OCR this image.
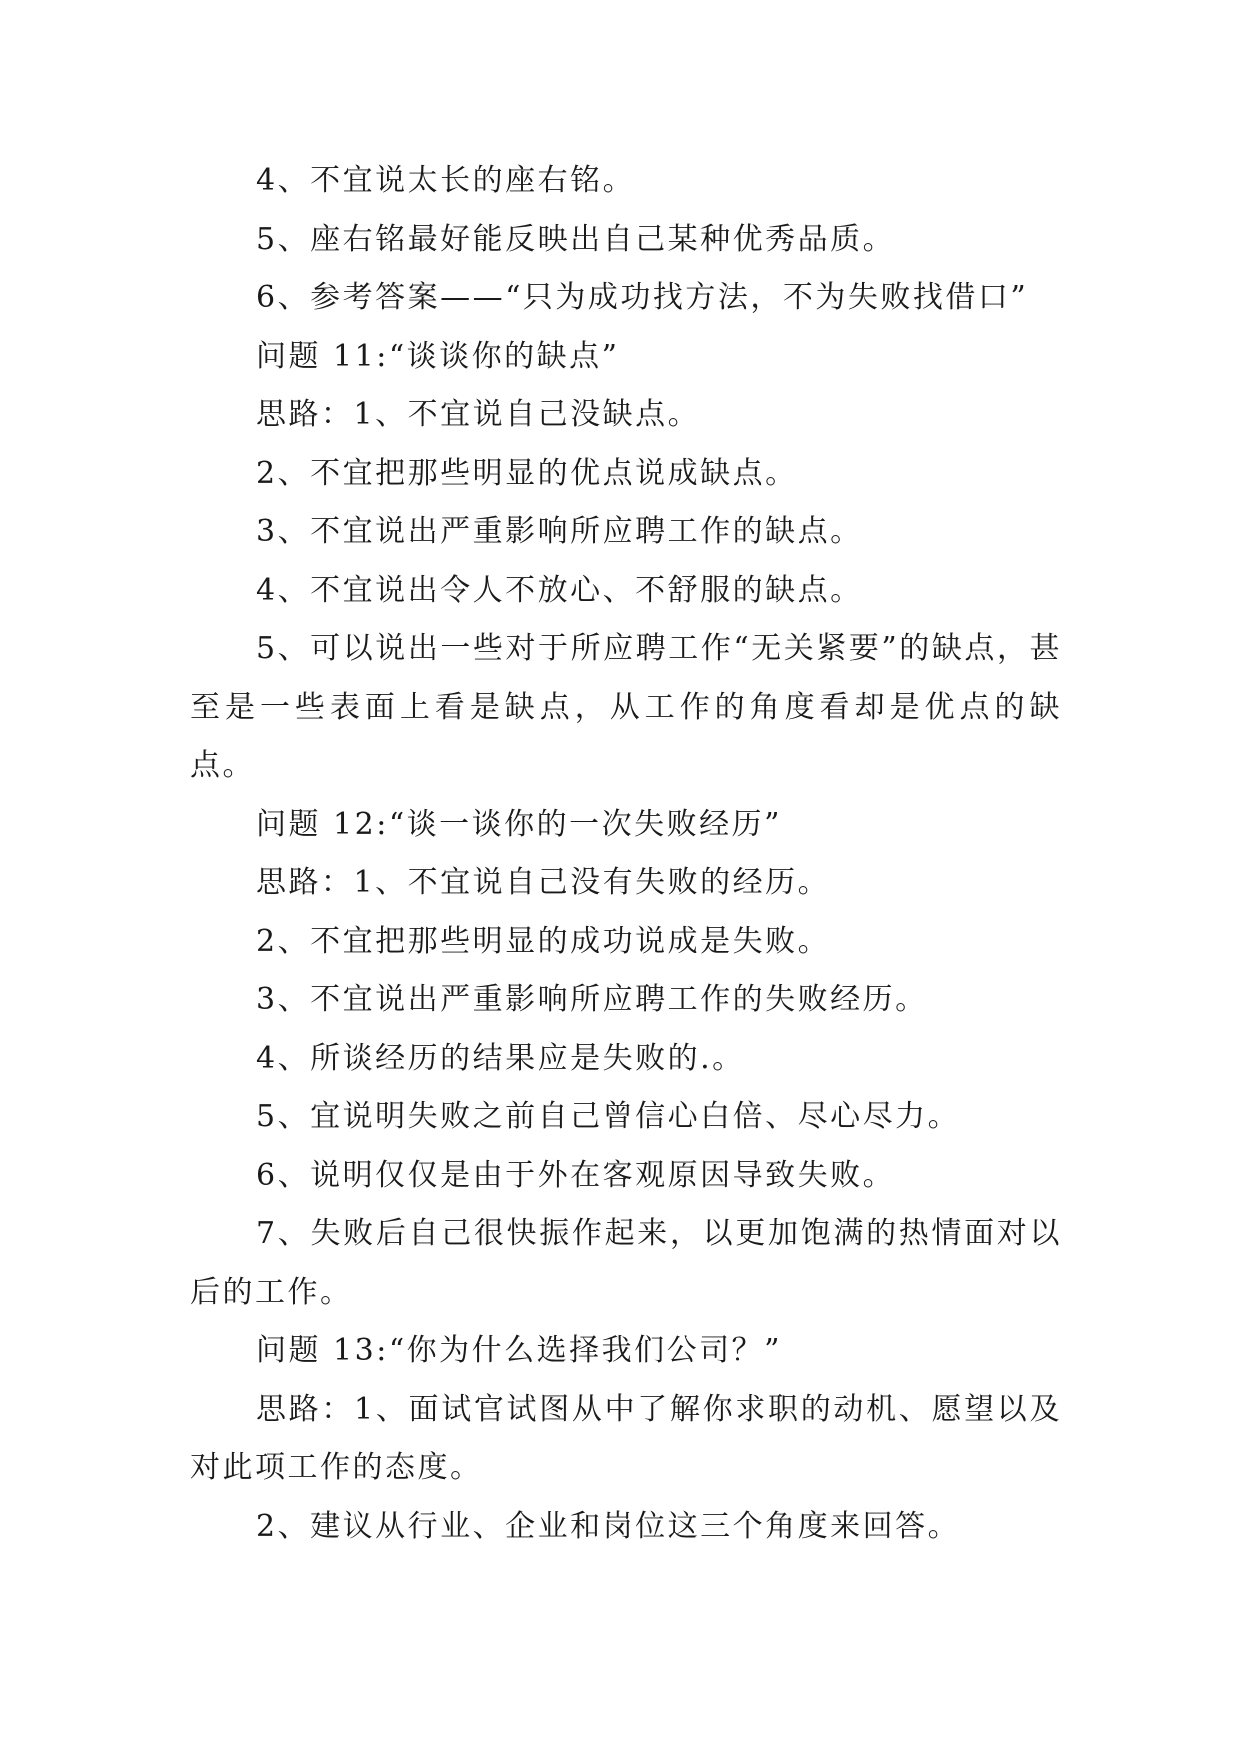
4、不宜说太长的座右铭。

5、座右铭最好能反映出自己某种优秀品质。

6、参考答案——“只为成功找方法，不为失败找借口”

问题 11:“谈谈你的缺点”

思路：1、不宜说自己没缺点。

2、不宜把那些明显的优点说成缺点。

3、不宜说出严重影响所应聘工作的缺点。

4、不宜说出令人不放心、不舒服的缺点。

5、可以说出一些对于所应聘工作“无关紧要”的缺点，甚至是一些表面上看是缺点，从工作的角度看却是优点的缺点。

问题 12:“谈一谈你的一次失败经历”

思路：1、不宜说自己没有失败的经历。

2、不宜把那些明显的成功说成是失败。

3、不宜说出严重影响所应聘工作的失败经历。

4、所谈经历的结果应是失败的.。

5、宜说明失败之前自己曾信心白倍、尽心尽力。

6、说明仅仅是由于外在客观原因导致失败。

7、失败后自己很快振作起来，以更加饱满的热情面对以后的工作。

问题 13:“你为什么选择我们公司？”

思路：1、面试官试图从中了解你求职的动机、愿望以及对此项工作的态度。

2、建议从行业、企业和岗位这三个角度来回答。
